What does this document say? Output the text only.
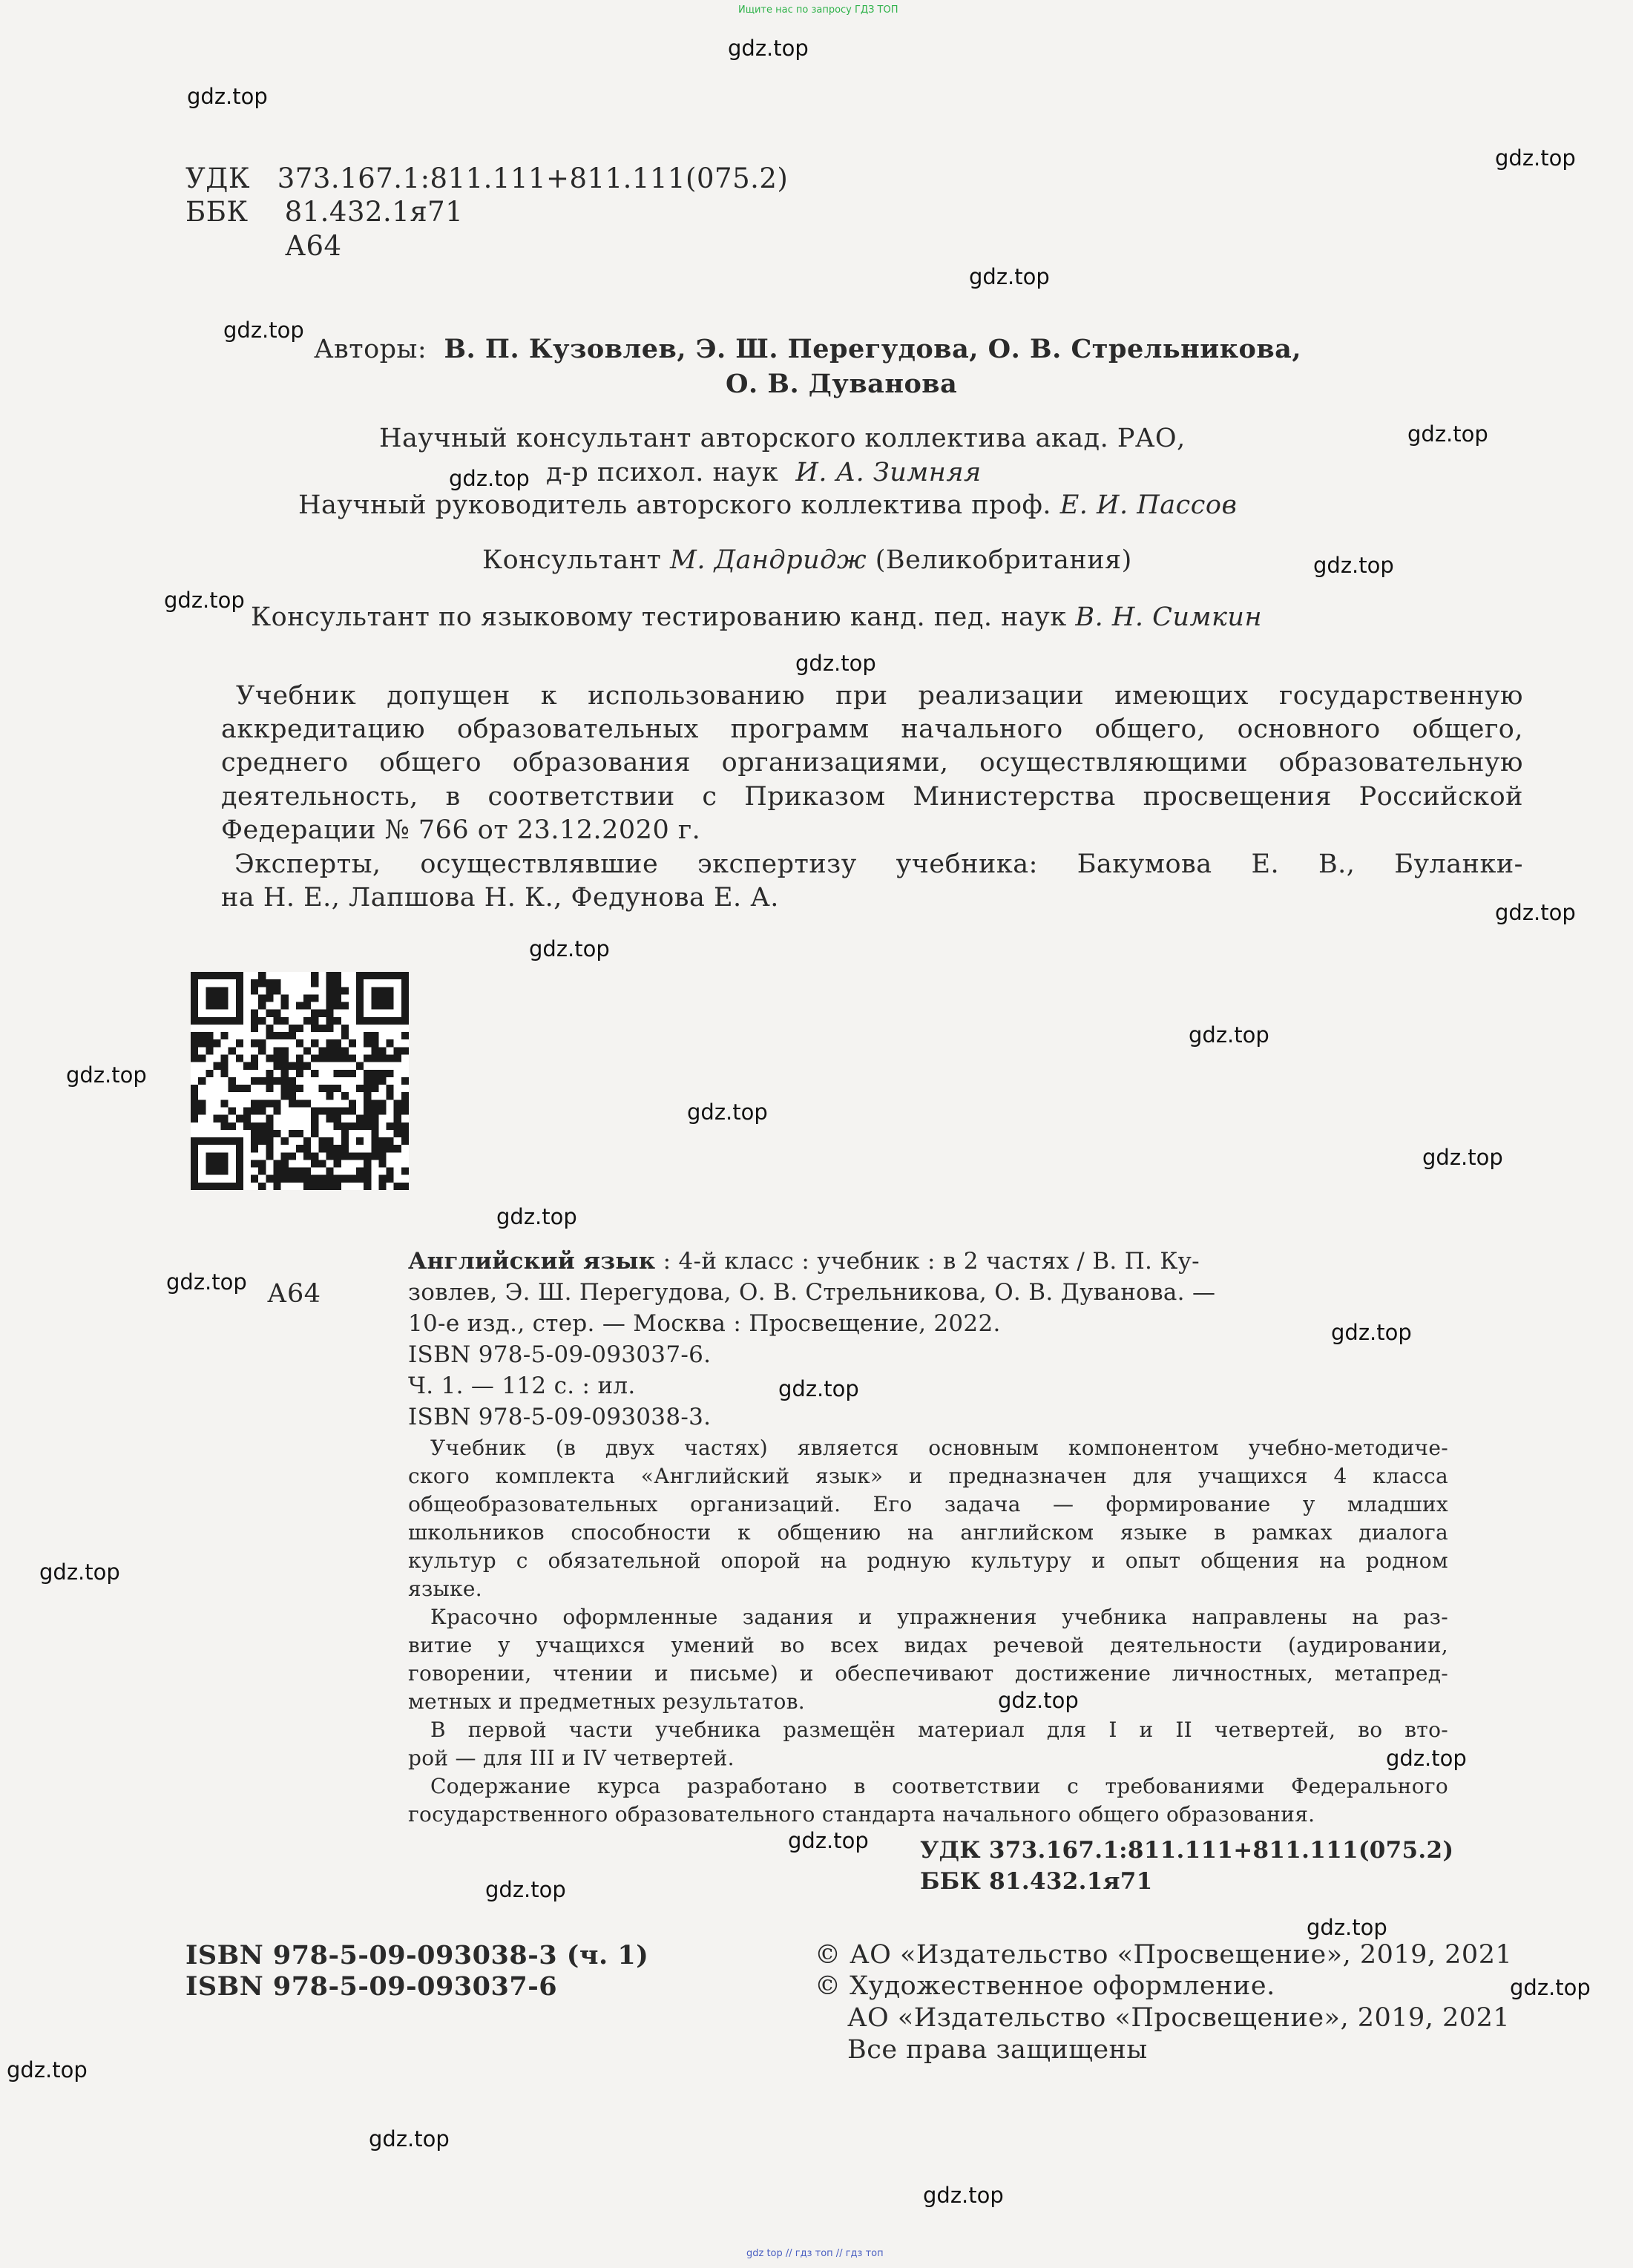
Ищите нас по запросу ГДЗ ТОП
gdz top // гдз топ // гдз топ
УДК 373.167.1:811.111+811.111(075.2)
ББК 81.432.1я71
А64
Авторы: В. П. Кузовлев, Э. Ш. Перегудова, О. В. Стрельникова,
О. В. Дуванова
Научный консультант авторского коллектива акад. РАО,
д-р психол. наук И. А. Зимняя
Научный руководитель авторского коллектива проф. Е. И. Пассов
Консультант М. Дандридж (Великобритания)
Консультант по языковому тестированию канд. пед. наук В. Н. Симкин
Учебник допущен к использованию при реализации имеющих государственную
аккредитацию образовательных программ начального общего, основного общего,
среднего общего образования организациями, осуществляющими образовательную
деятельность, в соответствии с Приказом Министерства просвещения Российской
Федерации № 766 от 23.12.2020 г.
Эксперты, осуществлявшие экспертизу учебника: Бакумова Е. В., Буланки-
на Н. Е., Лапшова Н. К., Федунова Е. А.
А64
Английский язык : 4-й класс : учебник : в 2 частях / В. П. Ку-
зовлев, Э. Ш. Перегудова, О. В. Стрельникова, О. В. Дуванова. —
10-е изд., стер. — Москва : Просвещение, 2022.
ISBN 978-5-09-093037-6.
Ч. 1. — 112 с. : ил.
ISBN 978-5-09-093038-3.
Учебник (в двух частях) является основным компонентом учебно-методиче-
ского комплекта «Английский язык» и предназначен для учащихся 4 класса
общеобразовательных организаций. Его задача — формирование у младших
школьников способности к общению на английском языке в рамках диалога
культур с обязательной опорой на родную культуру и опыт общения на родном
языке.
Красочно оформленные задания и упражнения учебника направлены на раз-
витие у учащихся умений во всех видах речевой деятельности (аудировании,
говорении, чтении и письме) и обеспечивают достижение личностных, метапред-
метных и предметных результатов.
В первой части учебника размещён материал для I и II четвертей, во вто-
рой — для III и IV четвертей.
Содержание курса разработано в соответствии с требованиями Федерального
государственного образовательного стандарта начального общего образования.
УДК 373.167.1:811.111+811.111(075.2)
ББК 81.432.1я71
ISBN 978-5-09-093038-3 (ч. 1)
ISBN 978-5-09-093037-6
© АО «Издательство «Просвещение», 2019, 2021
© Художественное оформление.
АО «Издательство «Просвещение», 2019, 2021
Все права защищены
gdz.top
gdz.top
gdz.top
gdz.top
gdz.top
gdz.top
gdz.top
gdz.top
gdz.top
gdz.top
gdz.top
gdz.top
gdz.top
gdz.top
gdz.top
gdz.top
gdz.top
gdz.top
gdz.top
gdz.top
gdz.top
gdz.top
gdz.top
gdz.top
gdz.top
gdz.top
gdz.top
gdz.top
gdz.top
gdz.top
